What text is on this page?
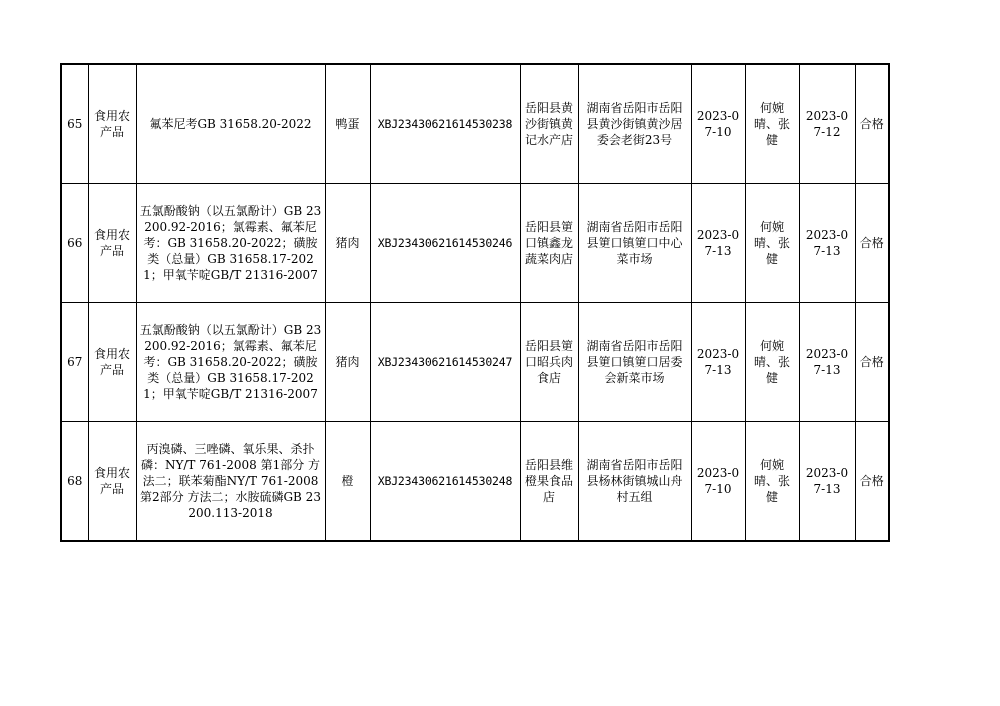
65	食用农产品	氟苯尼考GB 31658.20-2022	鸭蛋	XBJ23430621614530238	岳阳县黄沙街镇黄记水产店	湖南省岳阳市岳阳县黄沙街镇黄沙居委会老街23号	2023-07-10	何婉晴、张健	2023-07-12	合格
66	食用农产品	五氯酚酸钠（以五氯酚计）GB 23200.92-2016；氯霉素、氟苯尼考：GB 31658.20-2022；磺胺类（总量）GB 31658.17-2021；甲氧苄啶GB/T 21316-2007	猪肉	XBJ23430621614530246	岳阳县筻口镇鑫龙蔬菜肉店	湖南省岳阳市岳阳县筻口镇筻口中心菜市场	2023-07-13	何婉晴、张健	2023-07-13	合格
67	食用农产品	五氯酚酸钠（以五氯酚计）GB 23200.92-2016；氯霉素、氟苯尼考：GB 31658.20-2022；磺胺类（总量）GB 31658.17-2021；甲氧苄啶GB/T 21316-2007	猪肉	XBJ23430621614530247	岳阳县筻口昭兵肉食店	湖南省岳阳市岳阳县筻口镇筻口居委会新菜市场	2023-07-13	何婉晴、张健	2023-07-13	合格
68	食用农产品	丙溴磷、三唑磷、氧乐果、杀扑磷：NY/T 761-2008 第1部分 方法二；联苯菊酯NY/T 761-2008 第2部分 方法二；水胺硫磷GB 23200.113-2018	橙	XBJ23430621614530248	岳阳县维橙果食品店	湖南省岳阳市岳阳县杨林街镇城山舟村五组	2023-07-10	何婉晴、张健	2023-07-13	合格
